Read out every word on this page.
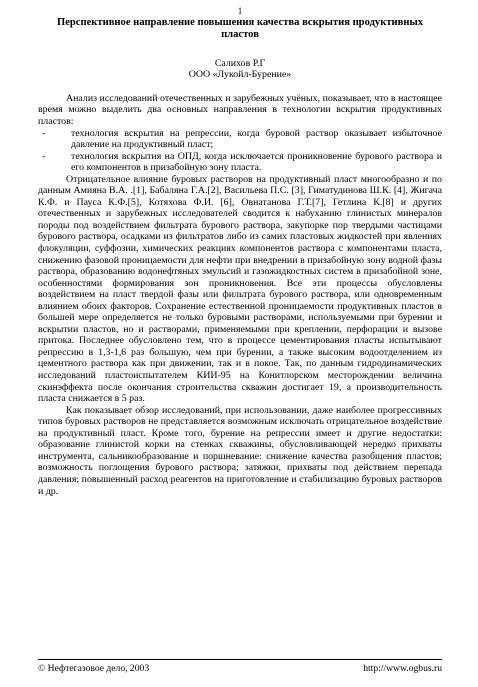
1
Перспективное направление повышения качества вскрытия продуктивных пластов
Салихов Р.Г
ООО «Лукойл-Бурение»

Анализ исследований отечественных и зарубежных учёных, показывает, что в настоящее время можно выделить два основных направления в технологии вскрытия продуктивных пластов:

-	технология вскрытия на репрессии, когда буровой раствор оказывает избыточное давление на продуктивный пласт;
-	технология вскрытия на ОПД, когда исключается проникновение бурового раствора и его компонентов в призабойную зону пласта.

Отрицательное влияние буровых растворов на продуктивный пласт многообразно и по данным Амияна В.А. .[1], Бабаляна Г.А.[2], Васильева П.С. [3], Гиматудинова Ш.К. [4], Жигача К.Ф. и Пауса К.Ф.[5], Котяхова Ф.И. [6], Овнатанова Г.Т.[7], Гетлина К.[8] и других отечественных и зарубежных исследователей сводится к набуханию глинистых минералов породы под воздействием фильтрата бурового раствора, закупорке пор твердыми частицами бурового раствора, осадками из фильтратов либо из самих пластовых жидкостей при явлениях флокуляции, суффозии, химических реакциях компонентов раствора с компонентами пласта, снижению фазовой проницаемости для нефти при внедрении в призабойную зону водной фазы раствора, образованию водонефтяных эмульсий и газожидкостных систем в призабойной зоне, особенностями формирования зон проникновения. Все эти процессы обусловлены воздействием на пласт твердой фазы или фильтрата бурового раствора, или одновременным влиянием обоих факторов. Сохранение естественной проницаемости продуктивных пластов в большей мере определяется не только буровыми растворами, используемыми при бурении и вскрытии пластов, но и растворами, применяемыми при креплении, перфорации и вызове притока. Последнее обусловлено тем, что в процессе цементирования пласты испытывают репрессию в 1,3-1,6 раз большую, чем при бурении, а также высоким водоотделением из цементного раствора как при движении, так и в покое. Так, по данным гидродинамических исследований пластоиспытателем КИИ-95 на Конитлорском месторождении величина скинэффекта после окончания строительства скважин достигает 19, а производительность пласта снижается в 5 раз.

Как показывает обзор исследований, при использовании, даже наиболее прогрессивных типов буровых растворов не представляется возможным исключать отрицательное воздействие на продуктивный пласт. Кроме того, бурение на репрессии имеет и другие недостатки: образование глинистой корки на стенках скважины, обусловливающей нередко прихваты инструмента, сальникообразование и поршневание: снижение качества разобщения пластов; возможность поглощения бурового раствора; затяжки, прихваты под действием перепада давления; повышенный расход реагентов на приготовление и стабилизацию буровых растворов и др.

© Нефтегазовое дело, 2003	http://www.ogbus.ru
